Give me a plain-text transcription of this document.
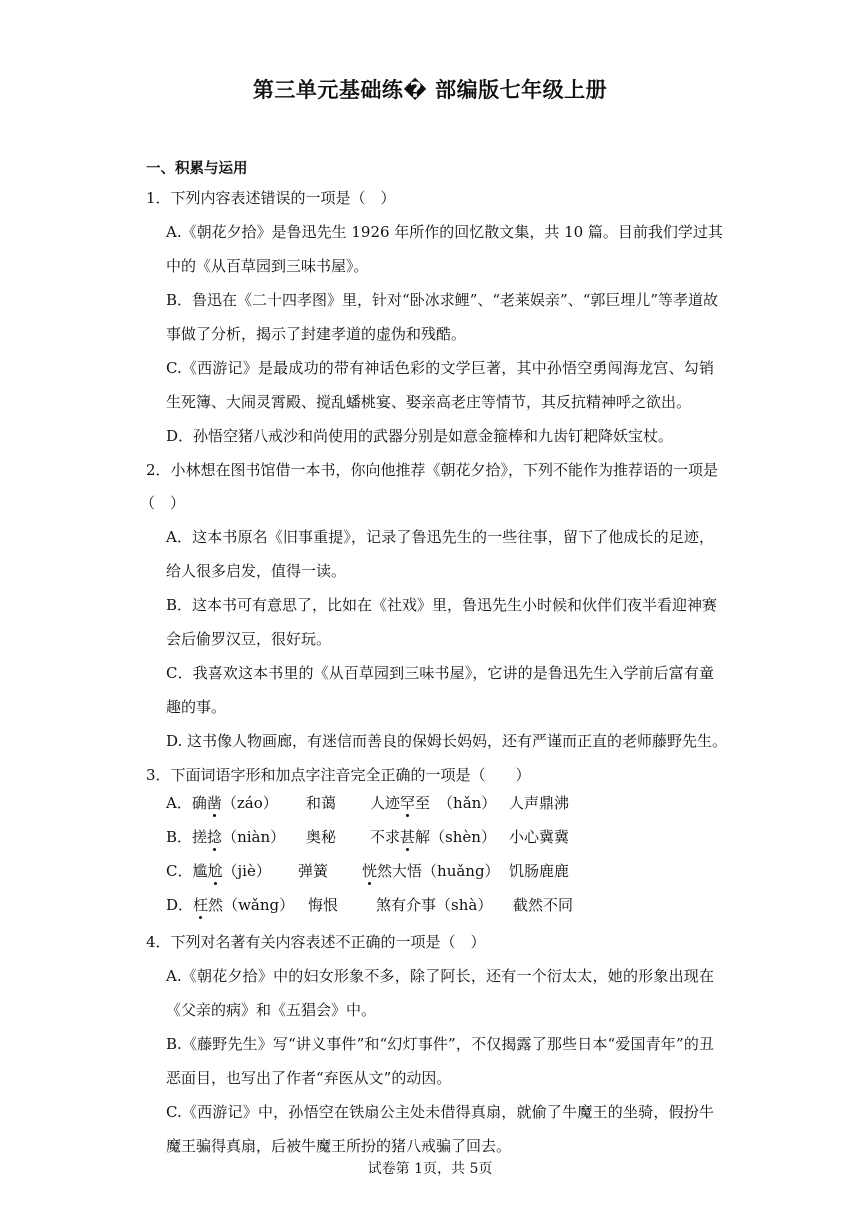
第三单元基础练� 部编版七年级上册
一、积累与运用
1．下列内容表述错误的一项是（　）
A.《朝花夕拾》是鲁迅先生 1926 年所作的回忆散文集，共 10 篇。目前我们学过其
中的《从百草园到三味书屋》。
B．鲁迅在《二十四孝图》里，针对“卧冰求鲤”、“老莱娱亲”、“郭巨埋儿”等孝道故
事做了分析，揭示了封建孝道的虚伪和残酷。
C.《西游记》是最成功的带有神话色彩的文学巨著，其中孙悟空勇闯海龙宫、勾销
生死簿、大闹灵霄殿、搅乱蟠桃宴、娶亲高老庄等情节，其反抗精神呼之欲出。
D．孙悟空猪八戒沙和尚使用的武器分别是如意金箍棒和九齿钉耙降妖宝杖。
2．小林想在图书馆借一本书，你向他推荐《朝花夕拾》，下列不能作为推荐语的一项是
（　）
A．这本书原名《旧事重提》，记录了鲁迅先生的一些往事，留下了他成长的足迹，
给人很多启发，值得一读。
B．这本书可有意思了，比如在《社戏》里，鲁迅先生小时候和伙伴们夜半看迎神赛
会后偷罗汉豆，很好玩。
C．我喜欢这本书里的《从百草园到三味书屋》，它讲的是鲁迅先生入学前后富有童
趣的事。
D. 这书像人物画廊，有迷信而善良的保姆长妈妈，还有严谨而正直的老师藤野先生。
3．下面词语字形和加点字注音完全正确的一项是（　　）
A．确凿（záo） 和蔼 人迹罕至 （hǎn） 人声鼎沸
B．搓捻（niàn） 奥秘 不求甚解（shèn） 小心冀冀
C．尴尬（jiè） 弹簧 恍然大悟（huǎng） 饥肠鹿鹿
D．枉然（wǎng） 悔恨	煞有介事（shà） 截然不同
4．下列对名著有关内容表述不正确的一项是（　）
A.《朝花夕拾》中的妇女形象不多，除了阿长，还有一个衍太太，她的形象出现在
《父亲的病》和《五猖会》中。
B.《藤野先生》写“讲义事件”和“幻灯事件”，不仅揭露了那些日本“爱国青年”的丑
恶面目，也写出了作者“弃医从文”的动因。
C.《西游记》中，孙悟空在铁扇公主处未借得真扇，就偷了牛魔王的坐骑，假扮牛
魔王骗得真扇，后被牛魔王所扮的猪八戒骗了回去。
试卷第 1页，共 5页
